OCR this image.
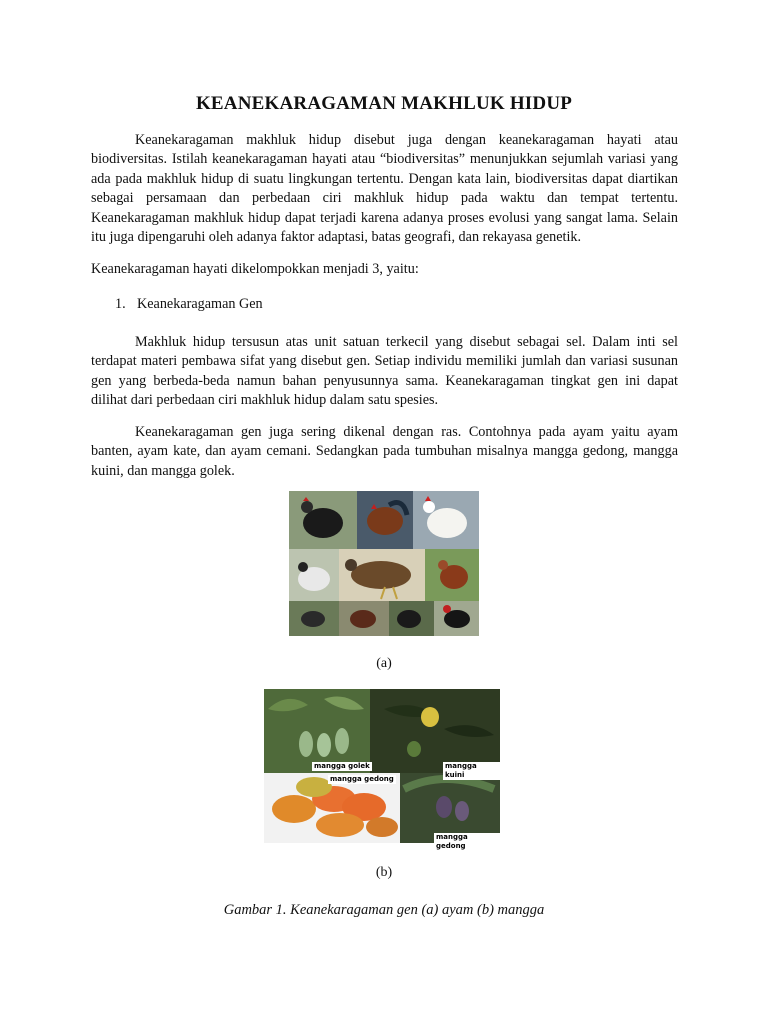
KEANEKARAGAMAN MAKHLUK HIDUP

Keanekaragaman makhluk hidup disebut juga dengan keanekaragaman hayati atau biodiversitas. Istilah keanekaragaman hayati atau “biodiversitas” menunjukkan sejumlah variasi yang ada pada makhluk hidup di suatu lingkungan tertentu. Dengan kata lain, biodiversitas dapat diartikan sebagai persamaan dan perbedaan ciri makhluk hidup pada waktu dan tempat tertentu. Keanekaragaman makhluk hidup dapat terjadi karena adanya proses evolusi yang sangat lama. Selain itu juga dipengaruhi oleh adanya faktor adaptasi, batas geografi, dan rekayasa genetik.

Keanekaragaman hayati dikelompokkan menjadi 3, yaitu:

1. Keanekaragaman Gen

Makhluk hidup tersusun atas unit satuan terkecil yang disebut sebagai sel. Dalam inti sel terdapat materi pembawa sifat yang disebut gen. Setiap individu memiliki jumlah dan variasi susunan gen yang berbeda-beda namun bahan penyusunnya sama. Keanekaragaman tingkat gen ini dapat dilihat dari perbedaan ciri makhluk hidup dalam satu spesies.

Keanekaragaman gen juga sering dikenal dengan ras. Contohnya pada ayam yaitu ayam banten, ayam kate, dan ayam cemani. Sedangkan pada tumbuhan misalnya mangga gedong, mangga kuini, dan mangga golek.

(a)
mangga golek	mangga kuini
mangga gedong
mangga gedong
(b)
Gambar 1. Keanekaragaman gen (a) ayam (b) mangga
